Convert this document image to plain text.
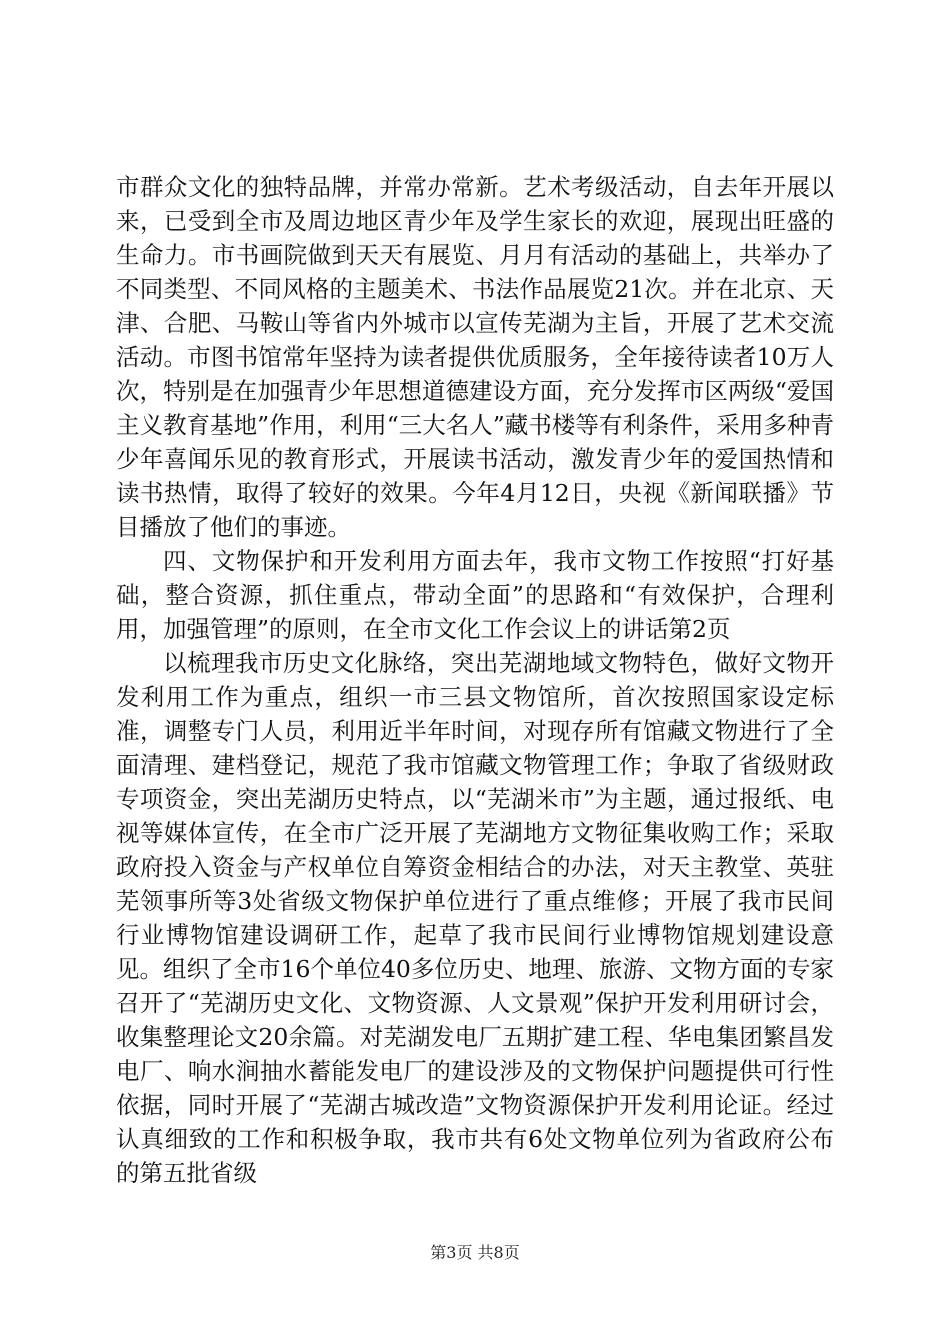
市群众文化的独特品牌，并常办常新。艺术考级活动，自去年开展以来，已受到全市及周边地区青少年及学生家长的欢迎，展现出旺盛的生命力。市书画院做到天天有展览、月月有活动的基础上，共举办了不同类型、不同风格的主题美术、书法作品展览21次。并在北京、天津、合肥、马鞍山等省内外城市以宣传芜湖为主旨，开展了艺术交流活动。市图书馆常年坚持为读者提供优质服务，全年接待读者10万人次，特别是在加强青少年思想道德建设方面，充分发挥市区两级“爱国主义教育基地”作用，利用“三大名人”藏书楼等有利条件，采用多种青少年喜闻乐见的教育形式，开展读书活动，激发青少年的爱国热情和读书热情，取得了较好的效果。今年4月12日，央视《新闻联播》节目播放了他们的事迹。

四、文物保护和开发利用方面去年，我市文物工作按照“打好基础，整合资源，抓住重点，带动全面”的思路和“有效保护，合理利用，加强管理”的原则，在全市文化工作会议上的讲话第2页

以梳理我市历史文化脉络，突出芜湖地域文物特色，做好文物开发利用工作为重点，组织一市三县文物馆所，首次按照国家设定标准，调整专门人员，利用近半年时间，对现存所有馆藏文物进行了全面清理、建档登记，规范了我市馆藏文物管理工作；争取了省级财政专项资金，突出芜湖历史特点，以“芜湖米市”为主题，通过报纸、电视等媒体宣传，在全市广泛开展了芜湖地方文物征集收购工作；采取政府投入资金与产权单位自筹资金相结合的办法，对天主教堂、英驻芜领事所等3处省级文物保护单位进行了重点维修；开展了我市民间行业博物馆建设调研工作，起草了我市民间行业博物馆规划建设意见。组织了全市16个单位40多位历史、地理、旅游、文物方面的专家召开了“芜湖历史文化、文物资源、人文景观”保护开发利用研讨会，收集整理论文20余篇。对芜湖发电厂五期扩建工程、华电集团繁昌发电厂、响水涧抽水蓄能发电厂的建设涉及的文物保护问题提供可行性依据，同时开展了“芜湖古城改造”文物资源保护开发利用论证。经过认真细致的工作和积极争取，我市共有6处文物单位列为省政府公布的第五批省级

第3页 共8页
